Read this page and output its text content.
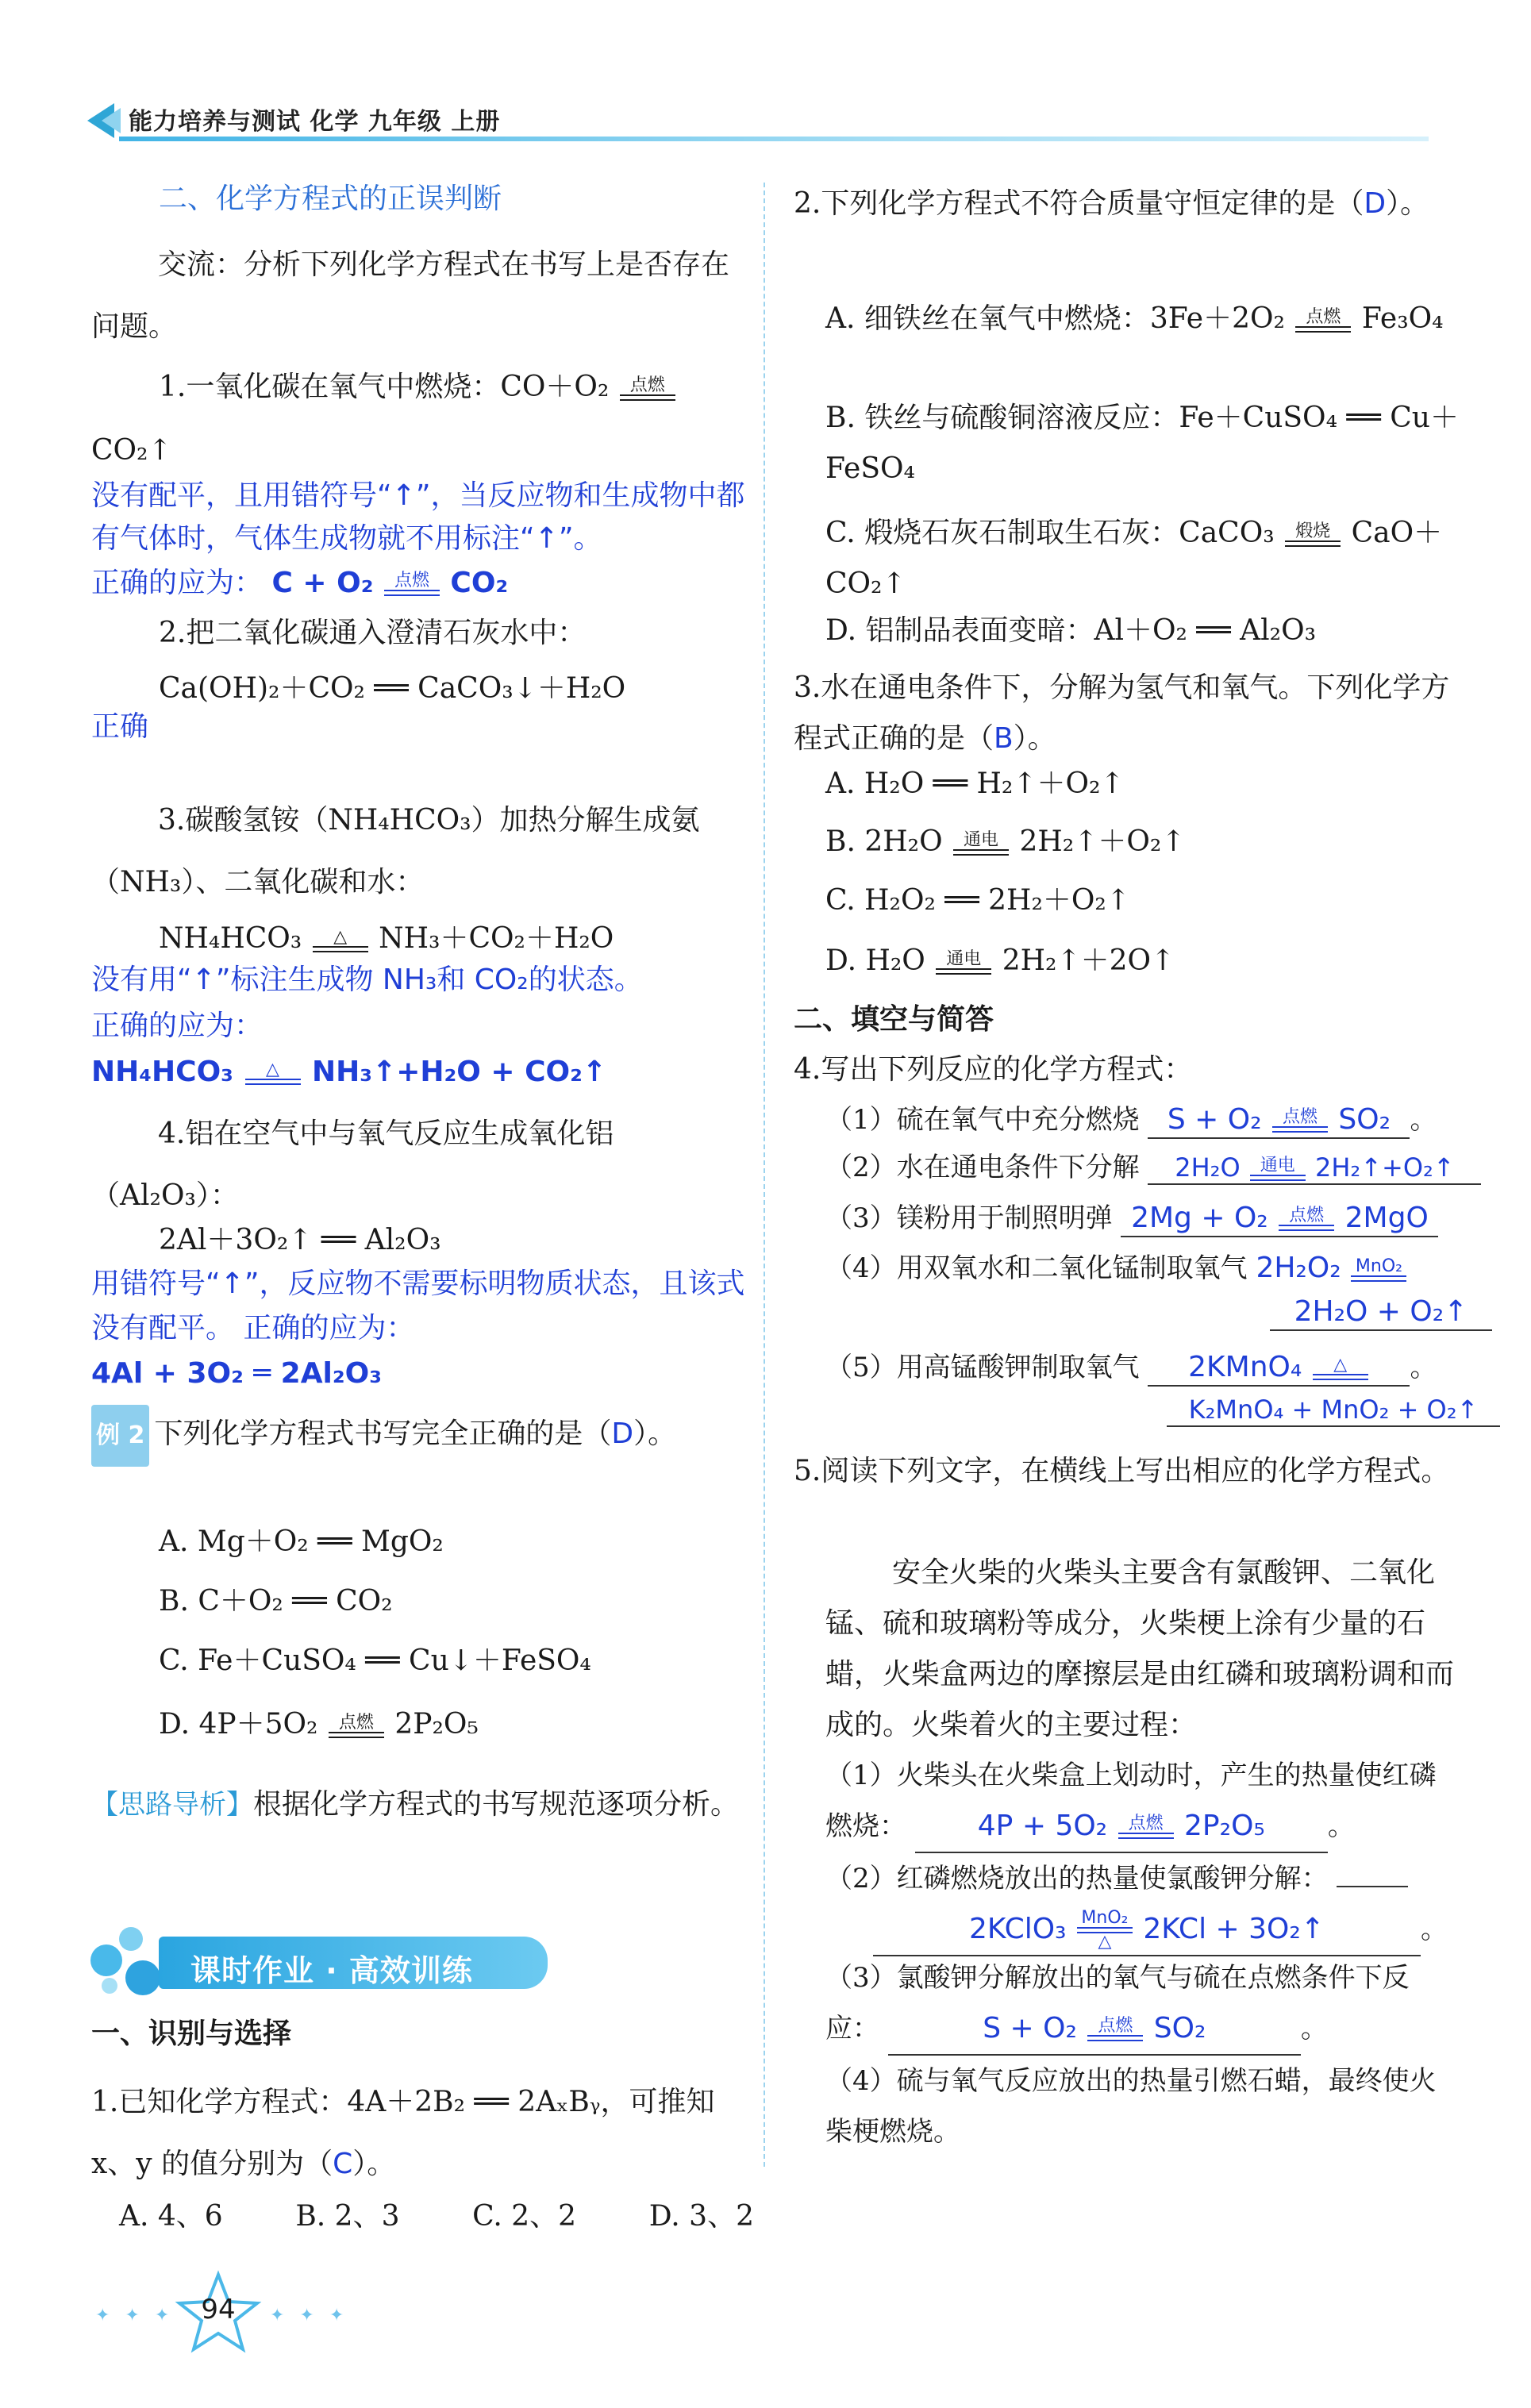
能力培养与测试 化学 九年级 上册
二、化学方程式的正误判断
交流：分析下列化学方程式在书写上是否存在问题。
1.一氧化碳在氧气中燃烧：CO＋O₂	点燃
CO₂↑
没有配平，且用错符号“↑”，当反应物和生成物中都有气体时，气体生成物就不用标注“↑”。
正确的应为： C + O₂	点燃 CO₂
2.把二氧化碳通入澄清石灰水中：
Ca(OH)₂＋CO₂ ══ CaCO₃↓＋H₂O
正确
3.碳酸氢铵（NH₄HCO₃）加热分解生成氨（NH₃）、二氧化碳和水：
NH₄HCO₃	△	NH₃＋CO₂＋H₂O
没有用“↑”标注生成物 NH₃和 CO₂的状态。
正确的应为：
NH₄HCO₃	△	NH₃↑+H₂O + CO₂↑
4.铝在空气中与氧气反应生成氧化铝（Al₂O₃）：
2Al＋3O₂↑ ══ Al₂O₃
用错符号“↑”，反应物不需要标明物质状态，且该式没有配平。 正确的应为：
4Al + 3O₂ ═ 2Al₂O₃
例 2 下列化学方程式书写完全正确的是（D）。
A. Mg＋O₂ ══ MgO₂
B. C＋O₂ ══ CO₂
C. Fe＋CuSO₄ ══ Cu↓＋FeSO₄
D. 4P＋5O₂	点燃 2P₂O₅
【思路导析】根据化学方程式的书写规范逐项分析。
课时作业 · 高效训练
一、识别与选择
1.已知化学方程式：4A＋2B₂ ══ 2AₓBᵧ，可推知 x、y 的值分别为（C）。
A. 4、6	B. 2、3	C. 2、2	D. 3、2
✦ ✦ ✦	94	✦ ✦ ✦
2.下列化学方程式不符合质量守恒定律的是（D）。
A. 细铁丝在氧气中燃烧：3Fe＋2O₂	点燃 Fe₃O₄
B. 铁丝与硫酸铜溶液反应：Fe＋CuSO₄ ══ Cu＋FeSO₄
C. 煅烧石灰石制取生石灰：CaCO₃	煅烧 CaO＋CO₂↑
D. 铝制品表面变暗：Al＋O₂ ══ Al₂O₃
3.水在通电条件下，分解为氢气和氧气。下列化学方程式正确的是（B）。
A. H₂O ══ H₂↑＋O₂↑
B. 2H₂O	通电 2H₂↑＋O₂↑
C. H₂O₂ ══ 2H₂＋O₂↑
D. H₂O	通电 2H₂↑＋2O↑
二、填空与简答
4.写出下列反应的化学方程式：
（1）硫在氧气中充分燃烧 S + O₂	点燃 SO₂ 。
（2）水在通电条件下分解 2H₂O	通电 2H₂↑+O₂↑
（3）镁粉用于制照明弹 2Mg + O₂	点燃 2MgO
（4）用双氧水和二氧化锰制取氧气 2H₂O₂ MnO₂
2H₂O + O₂↑
（5）用高锰酸钾制取氧气 2KMnO₄	△	。
K₂MnO₄ + MnO₂ + O₂↑
5.阅读下列文字，在横线上写出相应的化学方程式。
安全火柴的火柴头主要含有氯酸钾、二氧化锰、硫和玻璃粉等成分，火柴梗上涂有少量的石蜡，火柴盒两边的摩擦层是由红磷和玻璃粉调和而成的。火柴着火的主要过程：
（1）火柴头在火柴盒上划动时，产生的热量使红磷燃烧： 4P + 5O₂	点燃 2P₂O₅ 。
（2）红磷燃烧放出的热量使氯酸钾分解：  2KClO₃ MnO₂
△	2KCl + 3O₂↑	。
（3）氯酸钾分解放出的氧气与硫在点燃条件下反应：	S + O₂	点燃 SO₂	。
（4）硫与氧气反应放出的热量引燃石蜡，最终使火柴梗燃烧。
